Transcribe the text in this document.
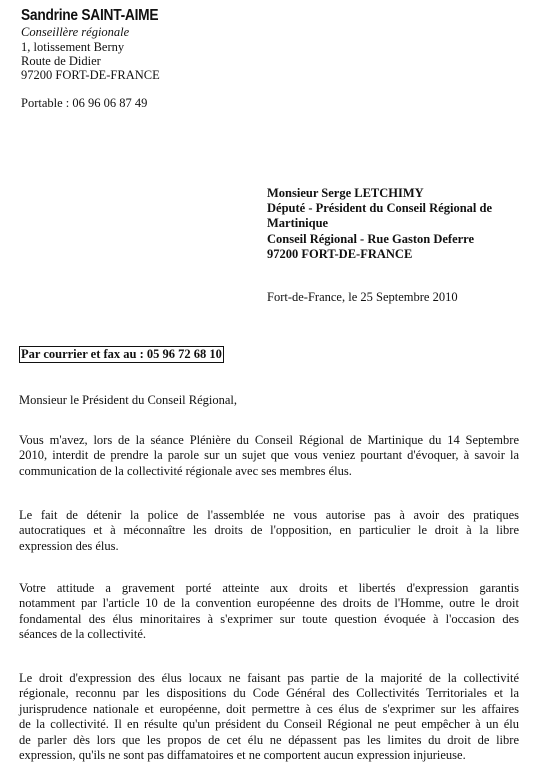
Sandrine SAINT-AIME
Conseillère régionale
1, lotissement Berny
Route de Didier
97200 FORT-DE-FRANCE
Portable : 06 96 06 87 49
Monsieur Serge LETCHIMY
Député - Président du Conseil Régional de
Martinique
Conseil Régional - Rue Gaston Deferre
97200 FORT-DE-FRANCE
Fort-de-France, le 25 Septembre 2010
Par courrier et fax au : 05 96 72 68 10
Monsieur le Président du Conseil Régional,
Vous m'avez, lors de la séance Plénière du Conseil Régional de Martinique du 14 Septembre
2010, interdit de prendre la parole sur un sujet que vous veniez pourtant d'évoquer, à savoir la
communication de la collectivité régionale avec ses membres élus.
Le fait de détenir la police de l'assemblée ne vous autorise pas à avoir des pratiques
autocratiques et à méconnaître les droits de l'opposition, en particulier le droit à la libre
expression des élus.
Votre attitude a gravement porté atteinte aux droits et libertés d'expression garantis
notamment par l'article 10 de la convention européenne des droits de l'Homme, outre le droit
fondamental des élus minoritaires à s'exprimer sur toute question évoquée à l'occasion des
séances de la collectivité.
Le droit d'expression des élus locaux ne faisant pas partie de la majorité de la collectivité
régionale, reconnu par les dispositions du Code Général des Collectivités Territoriales et la
jurisprudence nationale et européenne, doit permettre à ces élus de s'exprimer sur les affaires
de la collectivité. Il en résulte qu'un président du Conseil Régional ne peut empêcher à un élu
de parler dès lors que les propos de cet élu ne dépassent pas les limites du droit de libre
expression, qu'ils ne sont pas diffamatoires et ne comportent aucun expression injurieuse.
